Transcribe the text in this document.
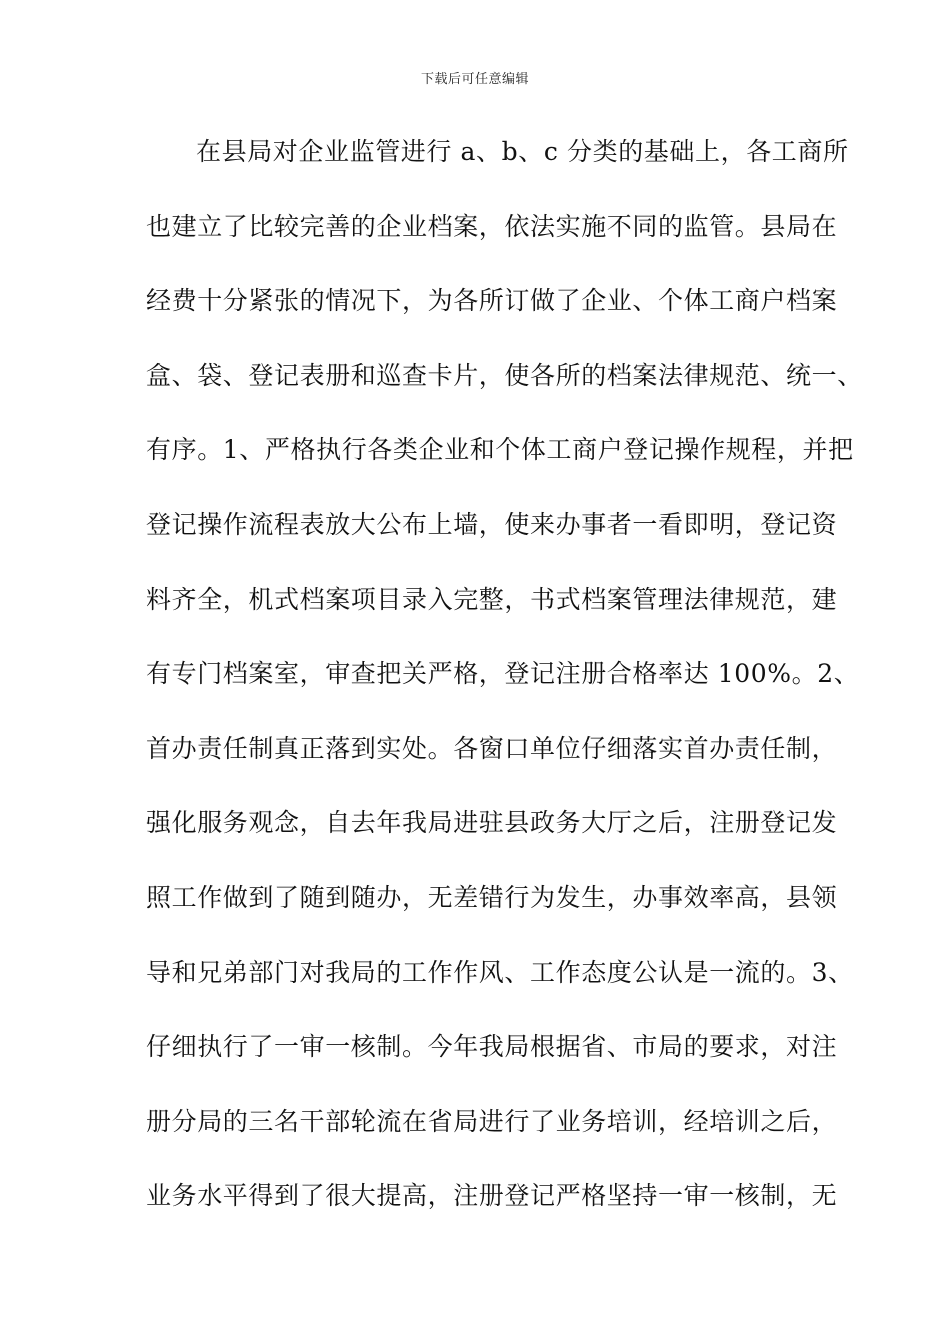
下载后可任意编辑
在县局对企业监管进行 a、b、c 分类的基础上，各工商所
也建立了比较完善的企业档案，依法实施不同的监管。县局在
经费十分紧张的情况下，为各所订做了企业、个体工商户档案
盒、袋、登记表册和巡查卡片，使各所的档案法律规范、统一、
有序。1、严格执行各类企业和个体工商户登记操作规程，并把
登记操作流程表放大公布上墙，使来办事者一看即明，登记资
料齐全，机式档案项目录入完整，书式档案管理法律规范，建
有专门档案室，审查把关严格，登记注册合格率达 100%。2、
首办责任制真正落到实处。各窗口单位仔细落实首办责任制，
强化服务观念，自去年我局进驻县政务大厅之后，注册登记发
照工作做到了随到随办，无差错行为发生，办事效率高，县领
导和兄弟部门对我局的工作作风、工作态度公认是一流的。3、
仔细执行了一审一核制。今年我局根据省、市局的要求，对注
册分局的三名干部轮流在省局进行了业务培训，经培训之后，
业务水平得到了很大提高，注册登记严格坚持一审一核制，无
